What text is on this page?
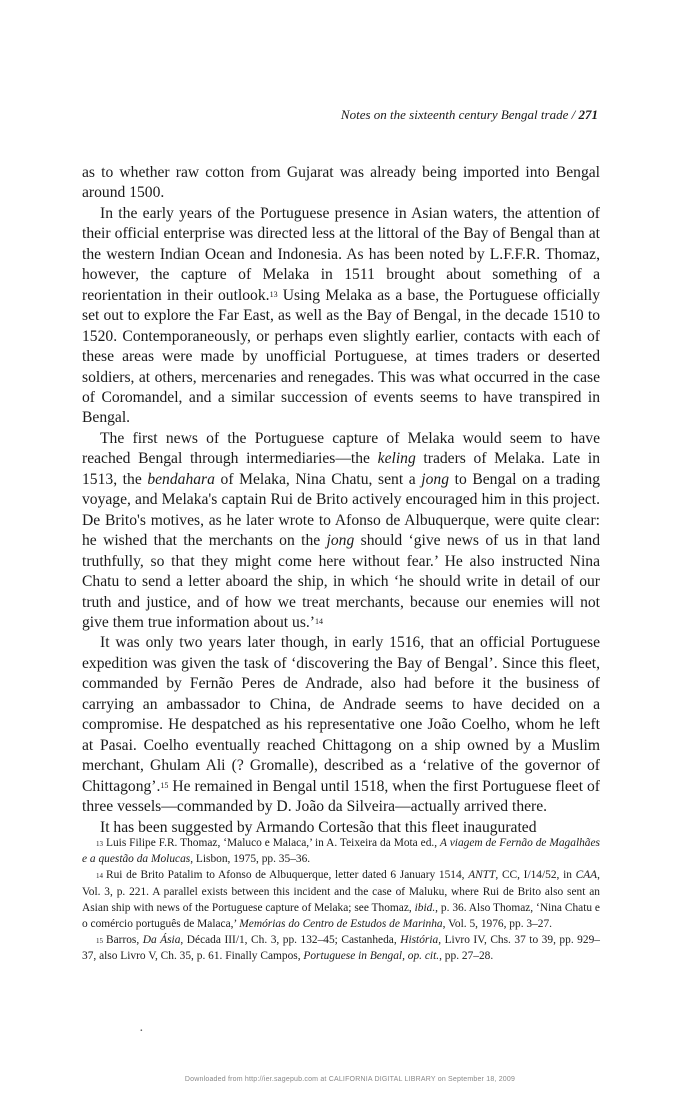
Notes on the sixteenth century Bengal trade / 271

as to whether raw cotton from Gujarat was already being imported into Bengal around 1500.

In the early years of the Portuguese presence in Asian waters, the attention of their official enterprise was directed less at the littoral of the Bay of Bengal than at the western Indian Ocean and Indonesia. As has been noted by L.F.F.R. Thomaz, however, the capture of Melaka in 1511 brought about something of a reorientation in their outlook.$^{13}$ Using Melaka as a base, the Portuguese officially set out to explore the Far East, as well as the Bay of Bengal, in the decade 1510 to 1520. Contemporaneously, or perhaps even slightly earlier, contacts with each of these areas were made by unofficial Portuguese, at times traders or deserted soldiers, at others, mercenaries and renegades. This was what occurred in the case of Coromandel, and a similar succession of events seems to have transpired in Bengal.

The first news of the Portuguese capture of Melaka would seem to have reached Bengal through intermediaries—the keling traders of Melaka. Late in 1513, the bendahara of Melaka, Nina Chatu, sent a jong to Bengal on a trading voyage, and Melaka's captain Rui de Brito actively encouraged him in this project. De Brito's motives, as he later wrote to Afonso de Albuquerque, were quite clear: he wished that the merchants on the jong should ‘give news of us in that land truthfully, so that they might come here without fear.’ He also instructed Nina Chatu to send a letter aboard the ship, in which ‘he should write in detail of our truth and justice, and of how we treat merchants, because our enemies will not give them true information about us.’$^{14}$

It was only two years later though, in early 1516, that an official Portuguese expedition was given the task of ‘discovering the Bay of Bengal’. Since this fleet, commanded by Fernão Peres de Andrade, also had before it the business of carrying an ambassador to China, de Andrade seems to have decided on a compromise. He despatched as his representative one João Coelho, whom he left at Pasai. Coelho eventually reached Chittagong on a ship owned by a Muslim merchant, Ghulam Ali (? Gromalle), described as a ‘relative of the governor of Chittagong’.$^{15}$ He remained in Bengal until 1518, when the first Portuguese fleet of three vessels—commanded by D. João da Silveira—actually arrived there.

It has been suggested by Armando Cortesão that this fleet inaugurated

$^{13}$ Luis Filipe F.R. Thomaz, ‘Maluco e Malaca,’ in A. Teixeira da Mota ed., A viagem de Fernão de Magalhães e a questão da Molucas, Lisbon, 1975, pp. 35–36.

$^{14}$ Rui de Brito Patalim to Afonso de Albuquerque, letter dated 6 January 1514, ANTT, CC, I/14/52, in CAA, Vol. 3, p. 221. A parallel exists between this incident and the case of Maluku, where Rui de Brito also sent an Asian ship with news of the Portuguese capture of Melaka; see Thomaz, ibid., p. 36. Also Thomaz, ‘Nina Chatu e o comércio português de Malaca,’ Memórias do Centro de Estudos de Marinha, Vol. 5, 1976, pp. 3–27.

$^{15}$ Barros, Da Ásia, Década III/1, Ch. 3, pp. 132–45; Castanheda, História, Livro IV, Chs. 37 to 39, pp. 929–37, also Livro V, Ch. 35, p. 61. Finally Campos, Portuguese in Bengal, op. cit., pp. 27–28.

·
Downloaded from http://ier.sagepub.com at CALIFORNIA DIGITAL LIBRARY on September 18, 2009
